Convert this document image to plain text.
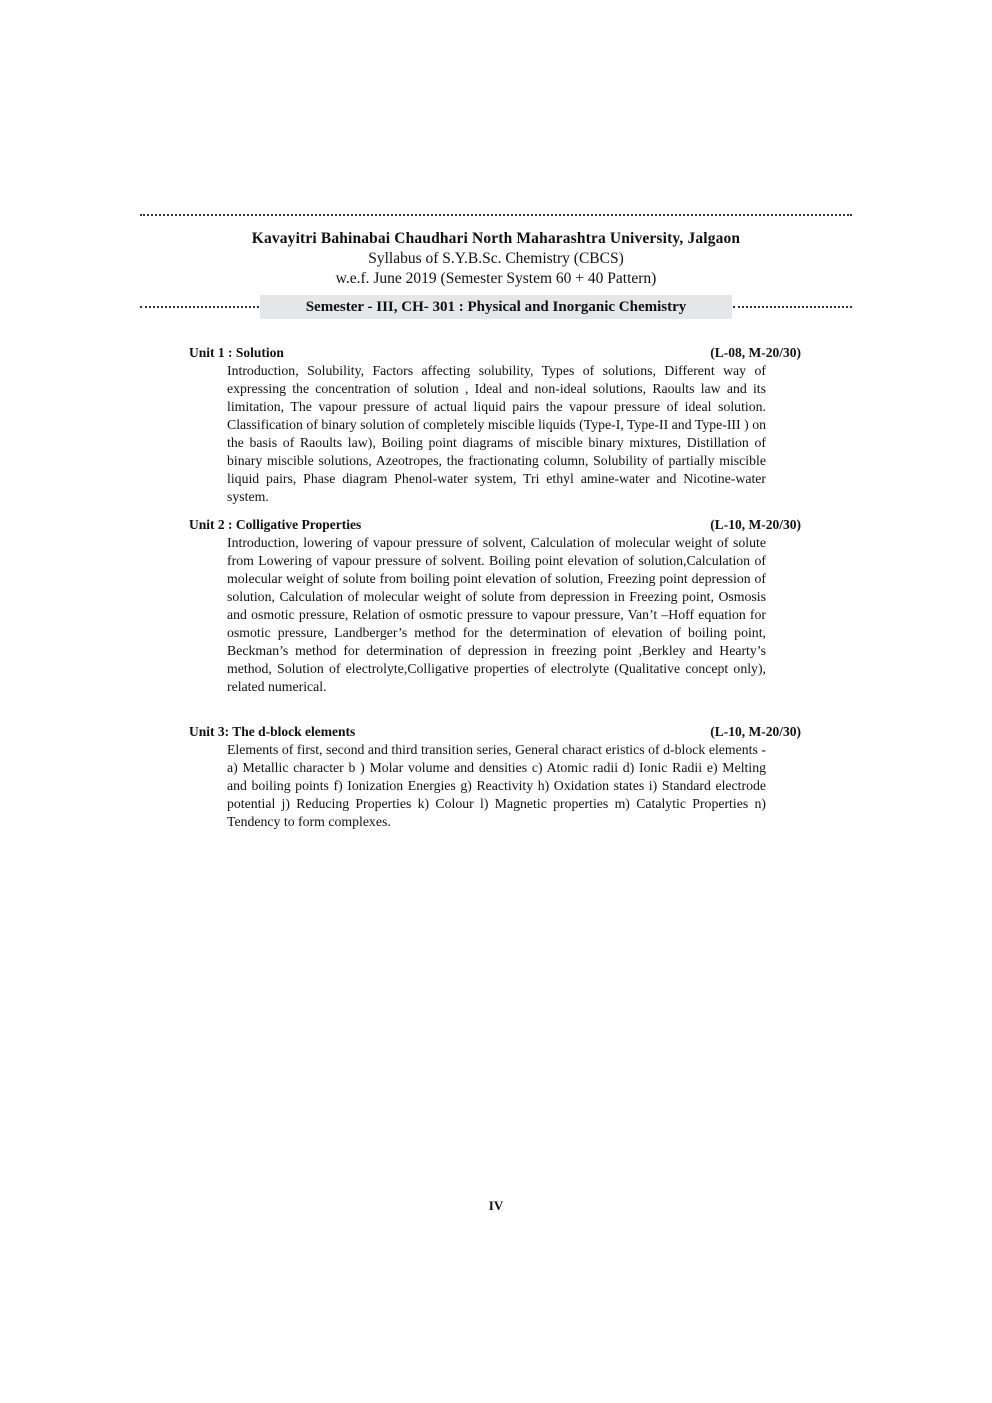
Kavayitri Bahinabai Chaudhari North Maharashtra University, Jalgaon
Syllabus of S.Y.B.Sc. Chemistry (CBCS)
w.e.f. June 2019 (Semester System 60 + 40 Pattern)
Semester - III, CH- 301 : Physical and Inorganic Chemistry
Unit 1 : Solution	(L-08, M-20/30)
Introduction, Solubility, Factors affecting solubility, Types of solutions, Different way of expressing the concentration of solution , Ideal and non-ideal solutions, Raoults law and its limitation, The vapour pressure of actual liquid pairs the vapour pressure of ideal solution. Classification of binary solution of completely miscible liquids (Type-I, Type-II and Type-III ) on the basis of Raoults law), Boiling point diagrams of miscible binary mixtures, Distillation of binary miscible solutions, Azeotropes, the fractionating column, Solubility of partially miscible liquid pairs, Phase diagram Phenol-water system, Tri ethyl amine-water and Nicotine-water system.
Unit 2 : Colligative Properties	(L-10, M-20/30)
Introduction, lowering of vapour pressure of solvent, Calculation of molecular weight of solute from Lowering of vapour pressure of solvent. Boiling point elevation of solution,Calculation of molecular weight of solute from boiling point elevation of solution, Freezing point depression of solution, Calculation of molecular weight of solute from depression in Freezing point, Osmosis and osmotic pressure, Relation of osmotic pressure to vapour pressure, Van’t –Hoff equation for osmotic pressure, Landberger’s method for the determination of elevation of boiling point, Beckman’s method for determination of depression in freezing point ,Berkley and Hearty’s method, Solution of electrolyte,Colligative properties of electrolyte (Qualitative concept only), related numerical.
Unit 3: The d-block elements	(L-10, M-20/30)
Elements of first, second and third transition series, General charact eristics of d-block elements - a) Metallic character b ) Molar volume and densities c) Atomic radii d) Ionic Radii e) Melting and boiling points f) Ionization Energies g) Reactivity h) Oxidation states i) Standard electrode potential j) Reducing Properties k) Colour l) Magnetic properties m) Catalytic Properties n) Tendency to form complexes.
IV
